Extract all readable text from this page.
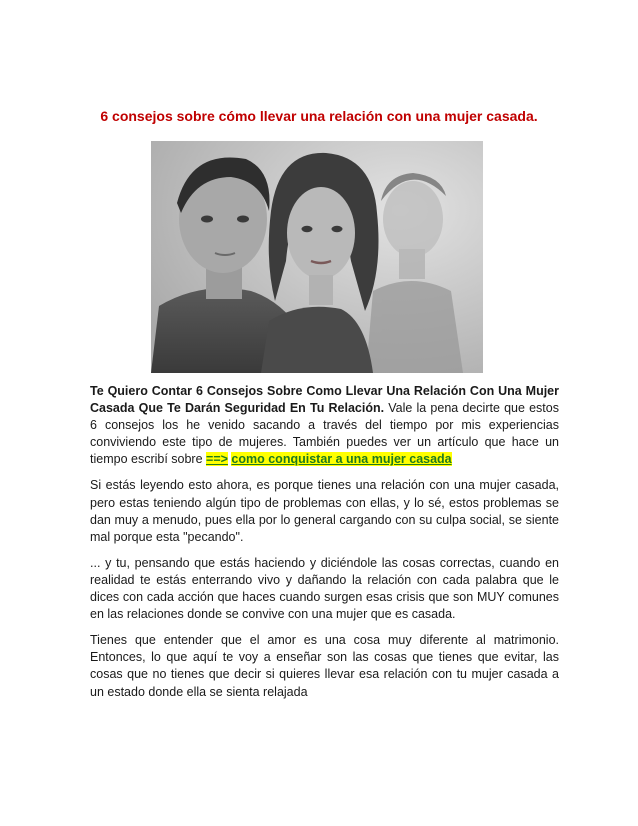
6 consejos sobre cómo llevar una relación con una mujer casada.

Te Quiero Contar 6 Consejos Sobre Como Llevar Una Relación Con Una Mujer Casada Que Te Darán Seguridad En Tu Relación. Vale la pena decirte que estos 6 consejos los he venido sacando a través del tiempo por mis experiencias conviviendo este tipo de mujeres. También puedes ver un artículo que hace un tiempo escribí sobre ==> como conquistar a una mujer casada

Si estás leyendo esto ahora, es porque tienes una relación con una mujer casada, pero estas teniendo algún tipo de problemas con ellas, y lo sé, estos problemas se dan muy a menudo, pues ella por lo general cargando con su culpa social, se siente mal porque esta "pecando".

... y tu, pensando que estás haciendo y diciéndole las cosas correctas, cuando en realidad te estás enterrando vivo y dañando la relación con cada palabra que le dices con cada acción que haces cuando surgen esas crisis que son MUY comunes en las relaciones donde se convive con una mujer que es casada.

Tienes que entender que el amor es una cosa muy diferente al matrimonio. Entonces, lo que aquí te voy a enseñar son las cosas que tienes que evitar, las cosas que no tienes que decir si quieres llevar esa relación con tu mujer casada a un estado donde ella se sienta relajada
